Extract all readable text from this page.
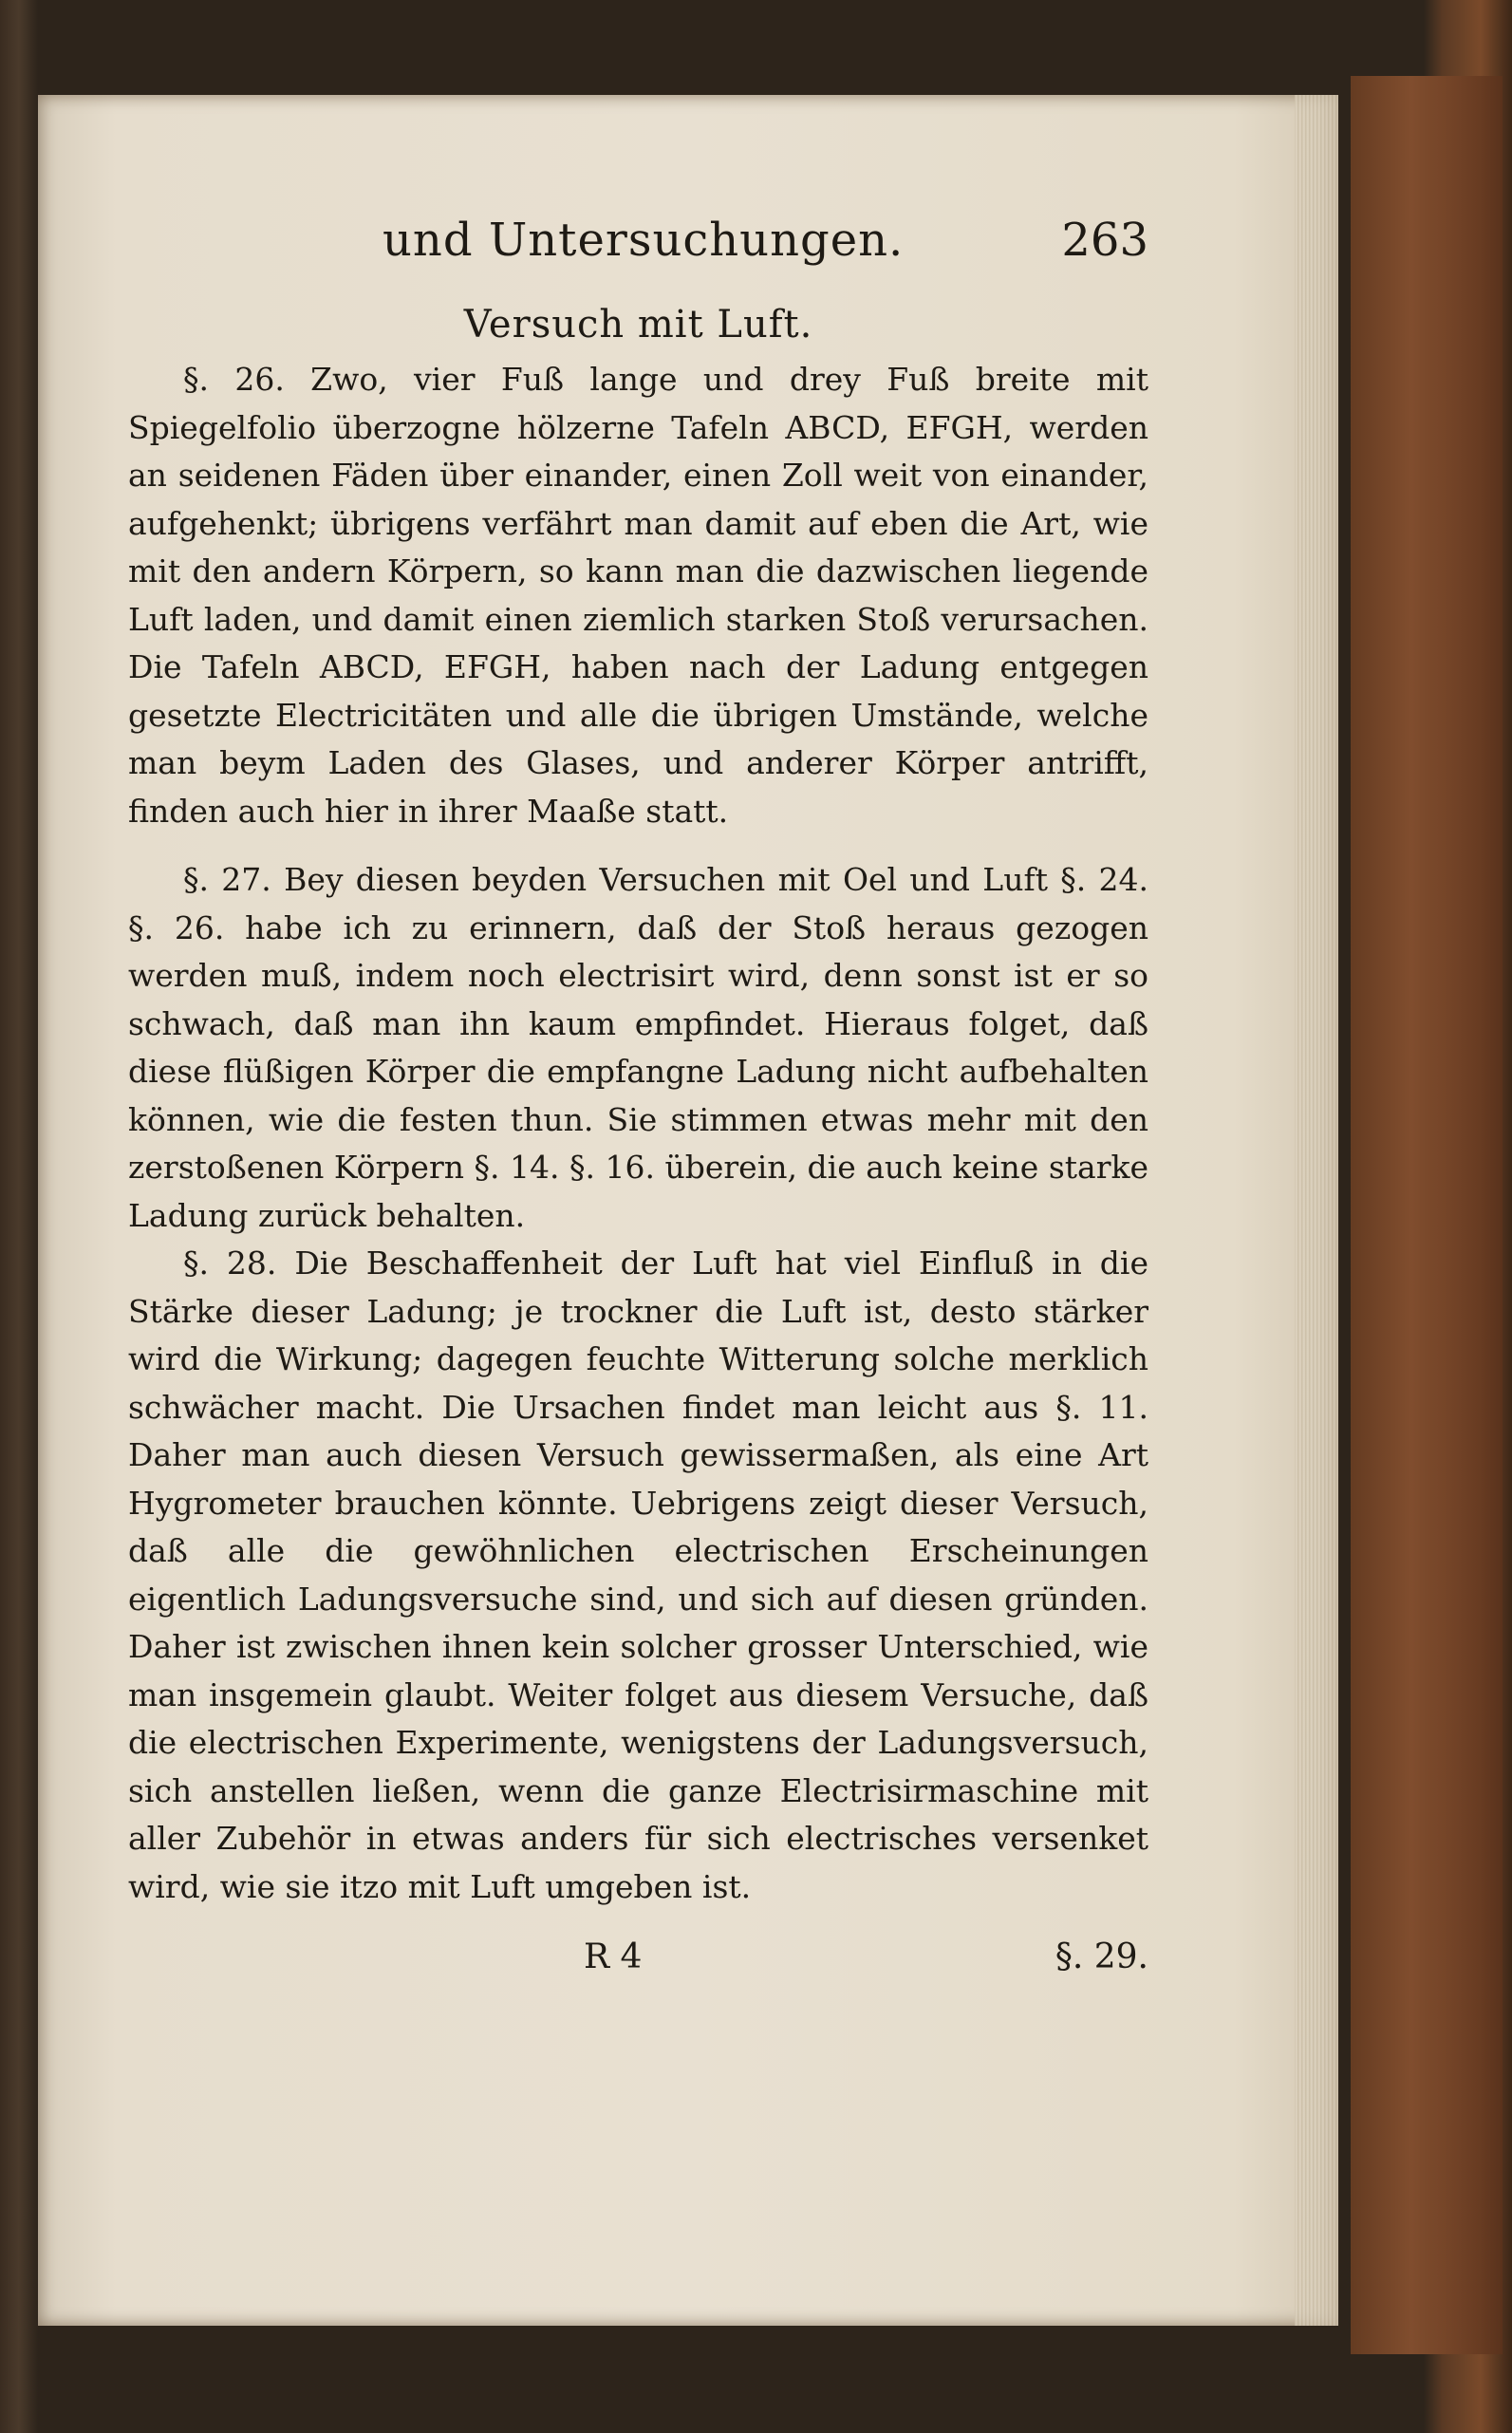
und Untersuchungen.	263
Versuch mit Luft.

§. 26. Zwo, vier Fuß lange und drey Fuß breite mit Spiegelfolio überzogne hölzerne Tafeln ABCD, EFGH, werden an seidenen Fäden über einander, einen Zoll weit von einander, aufgehenkt; übrigens verfährt man damit auf eben die Art, wie mit den andern Körpern, so kann man die dazwischen liegende Luft laden, und damit einen ziemlich starken Stoß verursachen. Die Tafeln ABCD, EFGH, haben nach der Ladung entgegen gesetzte Electricitäten und alle die übrigen Umstände, welche man beym Laden des Glases, und anderer Körper antrifft, finden auch hier in ihrer Maaße statt.

§. 27. Bey diesen beyden Versuchen mit Oel und Luft §. 24. §. 26. habe ich zu erinnern, daß der Stoß heraus gezogen werden muß, indem noch electrisirt wird, denn sonst ist er so schwach, daß man ihn kaum empfindet. Hieraus folget, daß diese flüßigen Körper die empfangne Ladung nicht aufbehalten können, wie die festen thun. Sie stimmen etwas mehr mit den zerstoßenen Körpern §. 14. §. 16. überein, die auch keine starke Ladung zurück behalten.

§. 28. Die Beschaffenheit der Luft hat viel Einfluß in die Stärke dieser Ladung; je trockner die Luft ist, desto stärker wird die Wirkung; dagegen feuchte Witterung solche merklich schwächer macht. Die Ursachen findet man leicht aus §. 11. Daher man auch diesen Versuch gewissermaßen, als eine Art Hygrometer brauchen könnte. Uebrigens zeigt dieser Versuch, daß alle die gewöhnlichen electrischen Erscheinungen eigentlich Ladungsversuche sind, und sich auf diesen gründen. Daher ist zwischen ihnen kein solcher grosser Unterschied, wie man insgemein glaubt. Weiter folget aus diesem Versuche, daß die electrischen Experimente, wenigstens der Ladungsversuch, sich anstellen ließen, wenn die ganze Electrisirmaschine mit aller Zubehör in etwas anders für sich electrisches versenket wird, wie sie itzo mit Luft umgeben ist.

R 4	§. 29.
